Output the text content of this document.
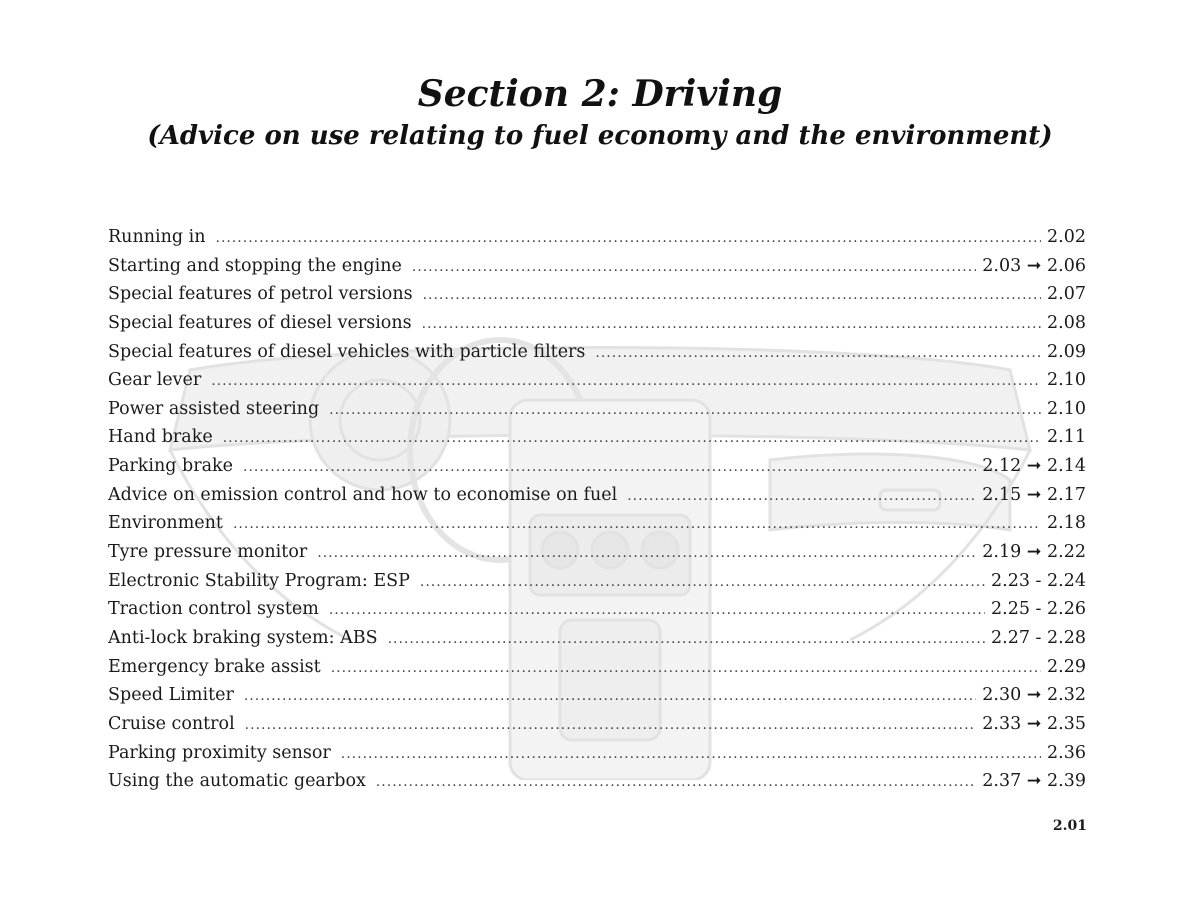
Section 2: Driving
(Advice on use relating to fuel economy and the environment)
Running in .....	2.02
Starting and stopping the engine .....	2.03 ➞ 2.06
Special features of petrol versions .....	2.07
Special features of diesel versions .....	2.08
Special features of diesel vehicles with particle filters .....	2.09
Gear lever .....	2.10
Power assisted steering .....	2.10
Hand brake .....	2.11
Parking brake .....	2.12 ➞ 2.14
Advice on emission control and how to economise on fuel .....	2.15 ➞ 2.17
Environment .....	2.18
Tyre pressure monitor .....	2.19 ➞ 2.22
Electronic Stability Program: ESP .....	2.23 - 2.24
Traction control system .....	2.25 - 2.26
Anti-lock braking system: ABS .....	2.27 - 2.28
Emergency brake assist .....	2.29
Speed Limiter .....	2.30 ➞ 2.32
Cruise control .....	2.33 ➞ 2.35
Parking proximity sensor .....	2.36
Using the automatic gearbox .....	2.37 ➞ 2.39
2.01
